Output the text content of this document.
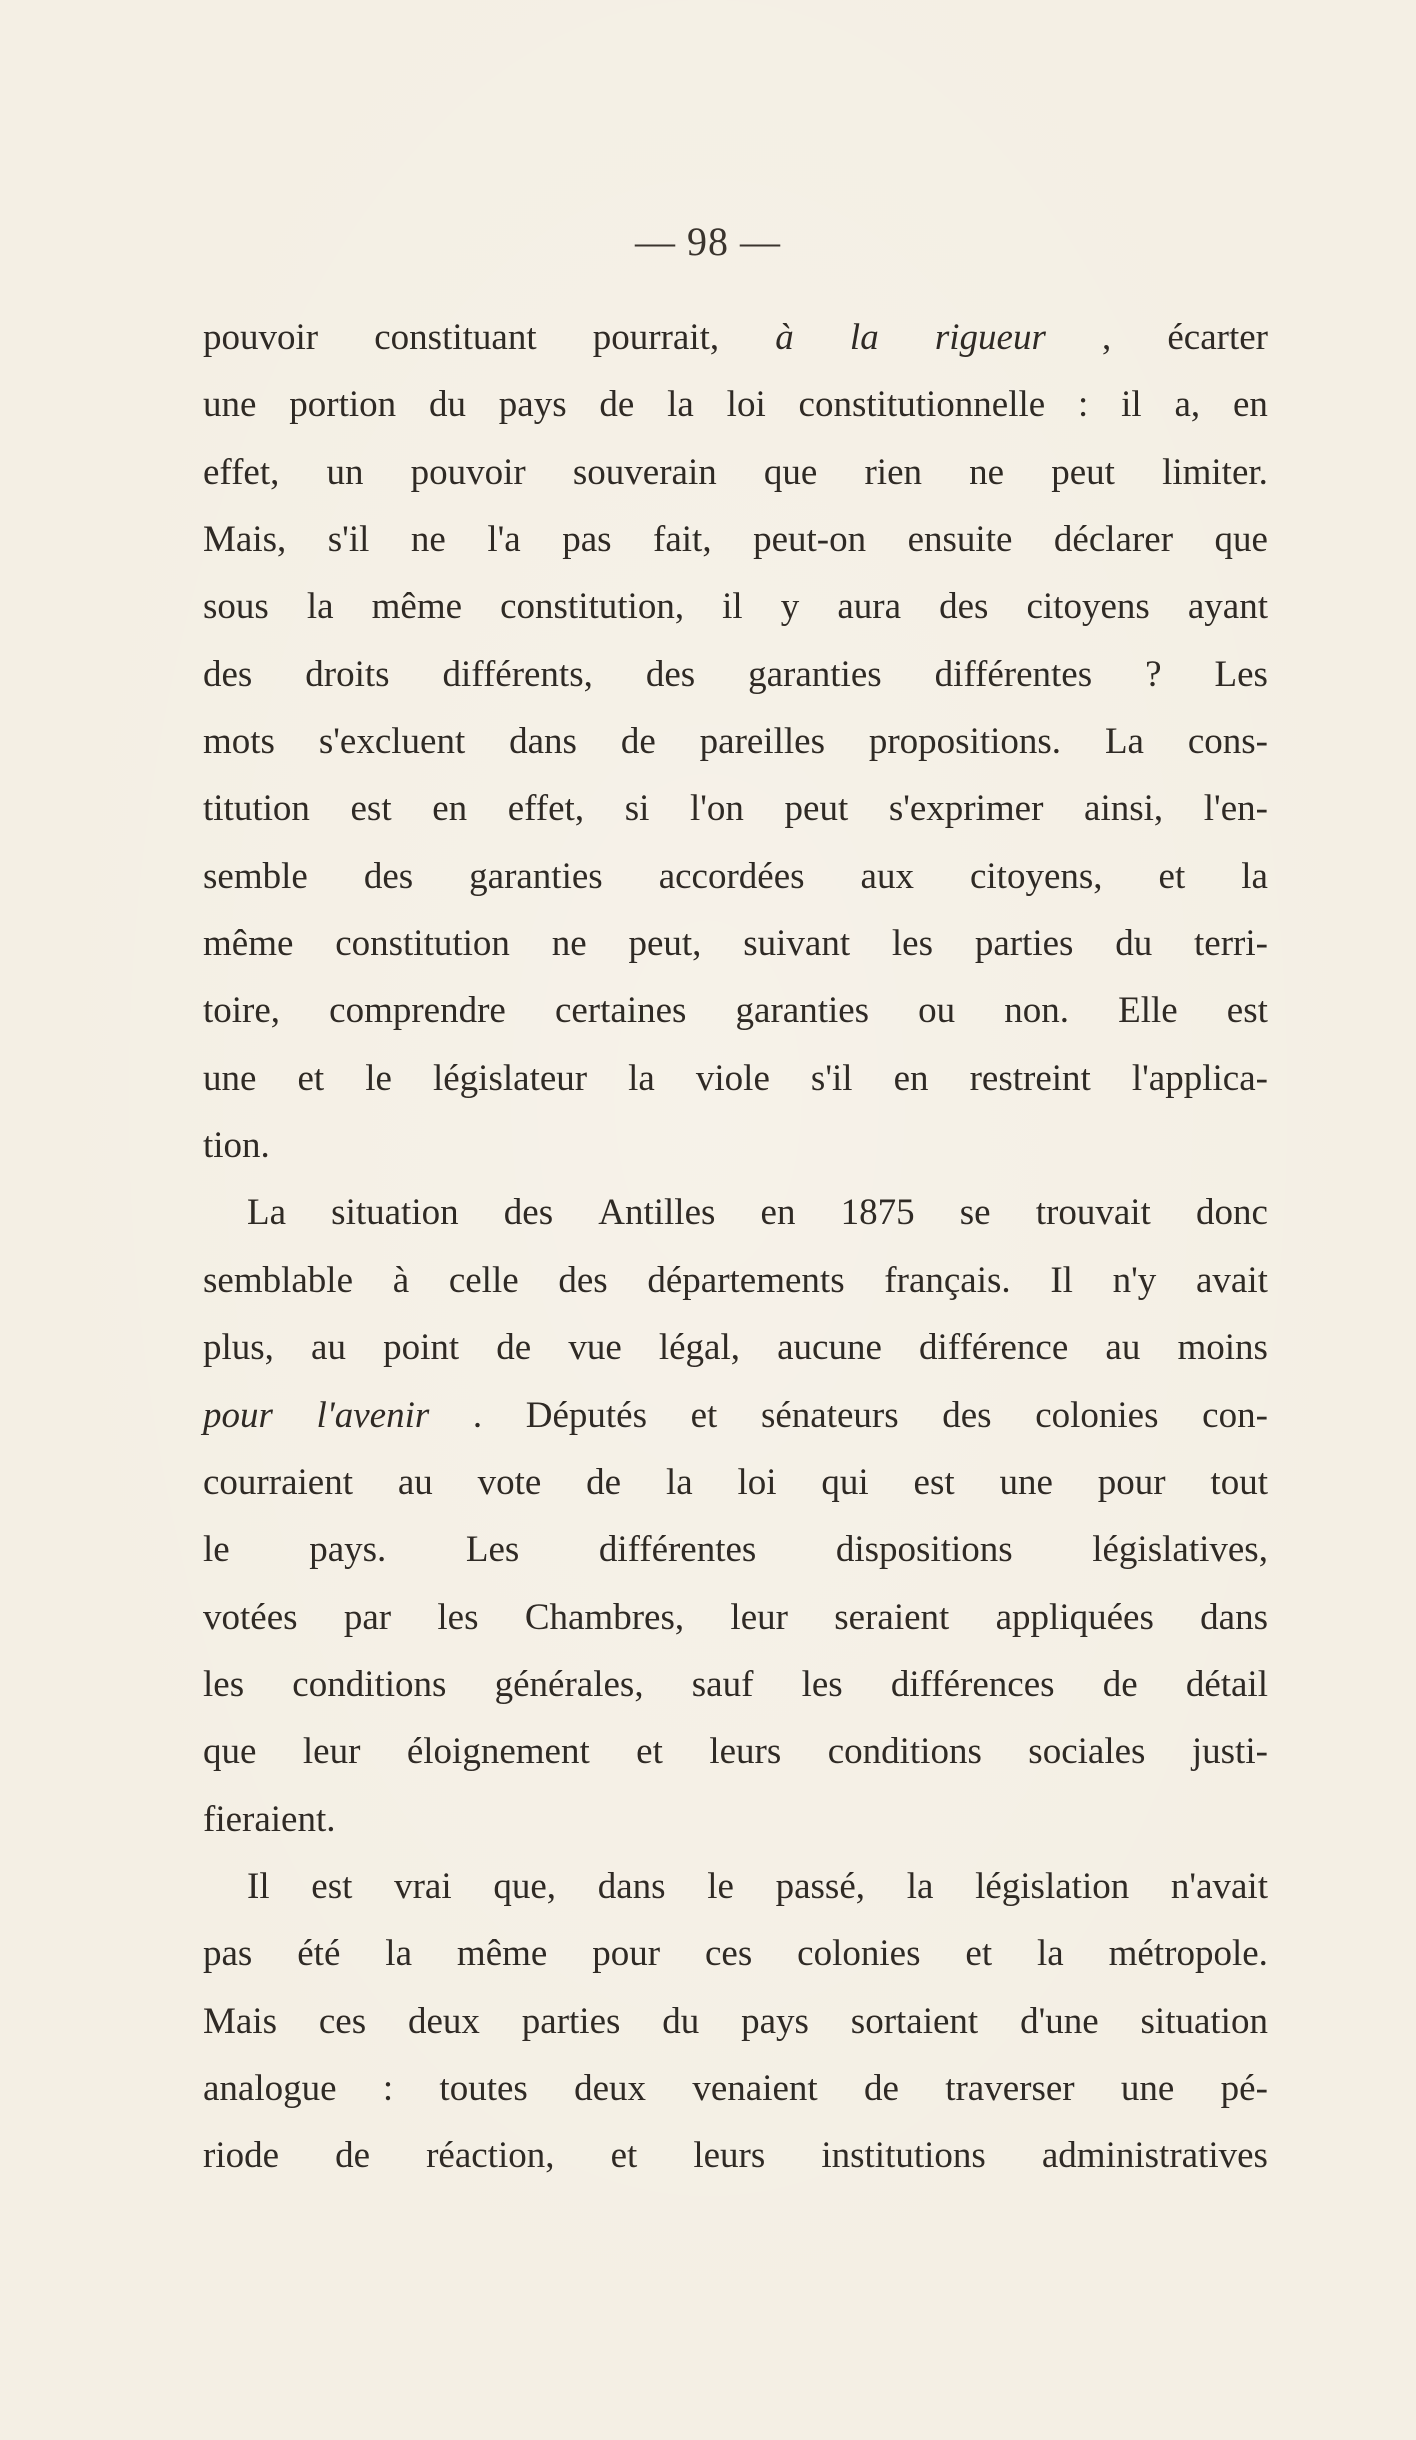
— 98 —
pouvoir constituant pourrait, à la rigueur , écarter
une portion du pays de la loi constitutionnelle : il a, en
effet, un pouvoir souverain que rien ne peut limiter.
Mais, s'il ne l'a pas fait, peut-on ensuite déclarer que
sous la même constitution, il y aura des citoyens ayant
des droits différents, des garanties différentes ? Les
mots s'excluent dans de pareilles propositions. La cons-
titution est en effet, si l'on peut s'exprimer ainsi, l'en-
semble des garanties accordées aux citoyens, et la
même constitution ne peut, suivant les parties du terri-
toire, comprendre certaines garanties ou non. Elle est
une et le législateur la viole s'il en restreint l'applica-
tion.
La situation des Antilles en 1875 se trouvait donc
semblable à celle des départements français. Il n'y avait
plus, au point de vue légal, aucune différence au moins
pour l'avenir . Députés et sénateurs des colonies con-
courraient au vote de la loi qui est une pour tout
le pays. Les différentes dispositions législatives,
votées par les Chambres, leur seraient appliquées dans
les conditions générales, sauf les différences de détail
que leur éloignement et leurs conditions sociales justi-
fieraient.
Il est vrai que, dans le passé, la législation n'avait
pas été la même pour ces colonies et la métropole.
Mais ces deux parties du pays sortaient d'une situation
analogue : toutes deux venaient de traverser une pé-
riode de réaction, et leurs institutions administratives
